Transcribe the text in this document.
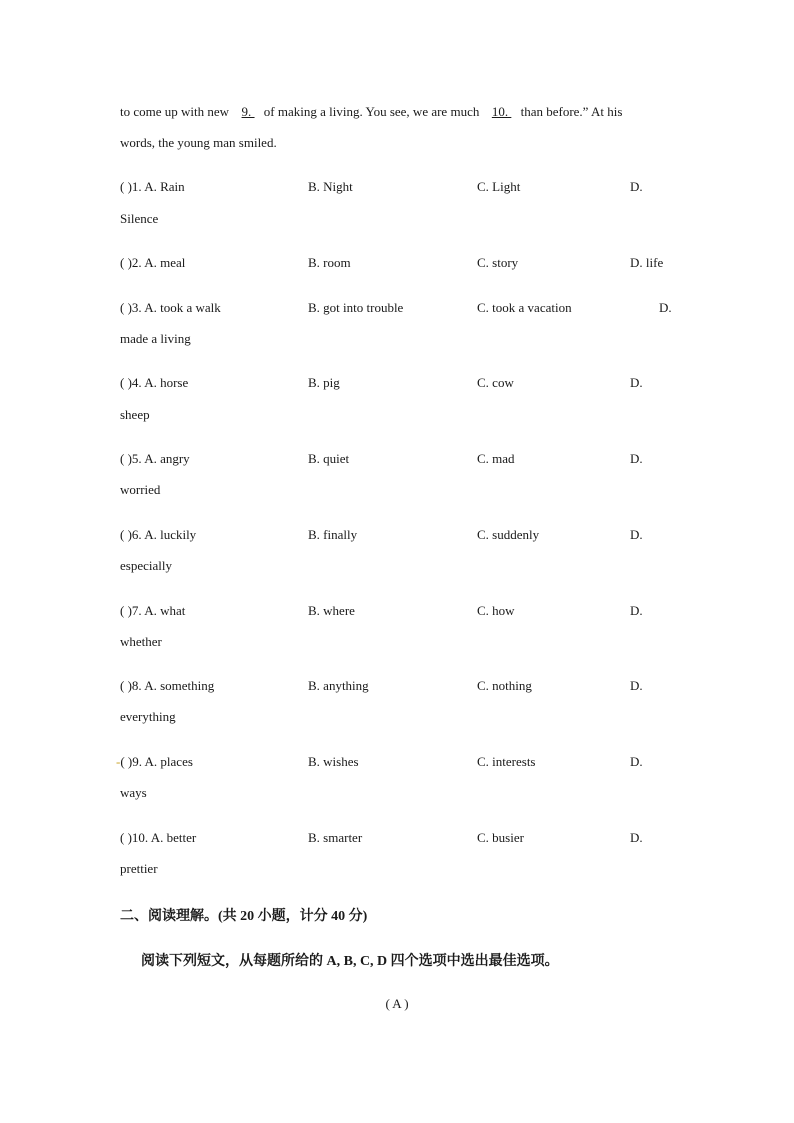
to come up with new  9.  of making a living. You see, we are much  10.  than before.” At his
words, the young man smiled.
( )1. A. Rain	B. Night	C. Light	D.
Silence
( )2. A. meal	B. room	C. story	D. life
( )3. A. took a walk	B. got into trouble	C. took a vacation	D.
made a living
( )4. A. horse	B. pig	C. cow	D.
sheep
( )5. A. angry	B. quiet	C. mad	D.
worried
( )6. A. luckily	B. finally	C. suddenly	D.
especially
( )7. A. what	B. where	C. how	D.
whether
( )8. A. something	B. anything	C. nothing	D.
everything
-( )9. A. places	B. wishes	C. interests	D.
ways
( )10. A. better	B. smarter	C. busier	D.
prettier
二、阅读理解。(共 20 小题，计分 40 分)
阅读下列短文，从每题所给的 A, B, C, D 四个选项中选出最佳选项。
( A )
